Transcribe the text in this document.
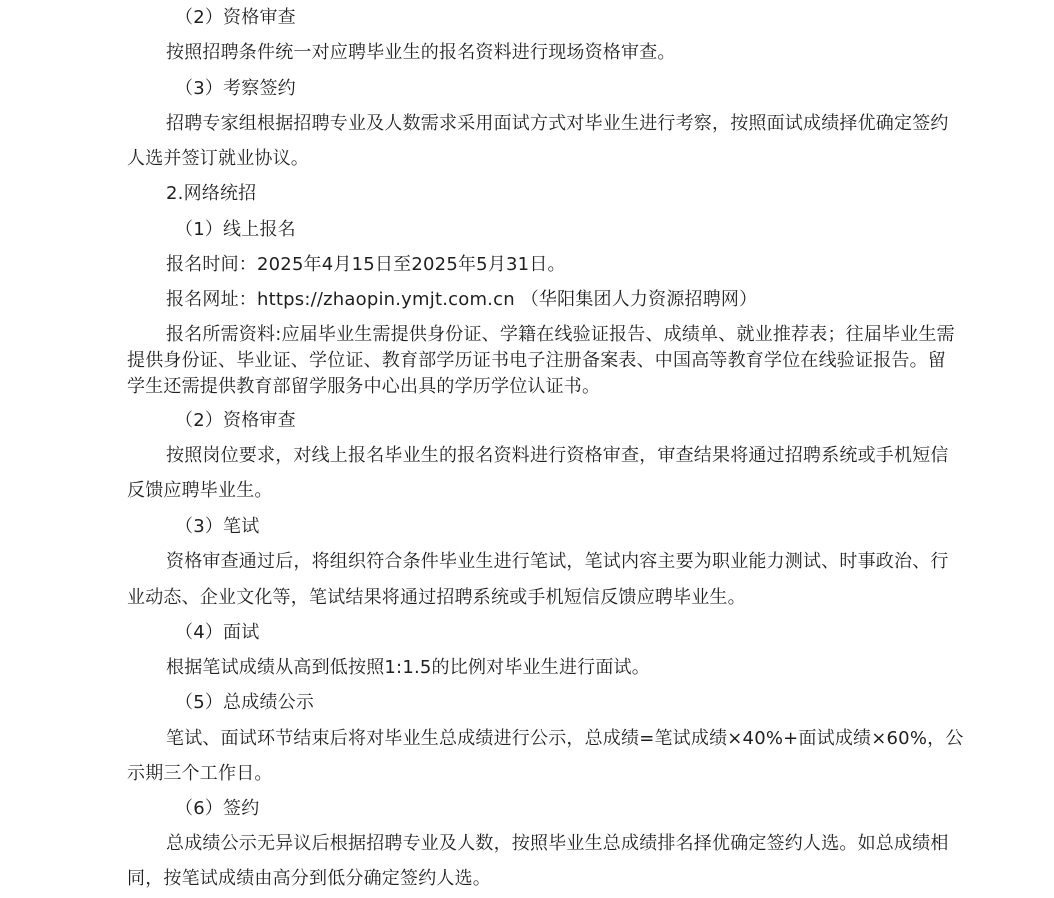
（2）资格审查
按照招聘条件统一对应聘毕业生的报名资料进行现场资格审查。
（3）考察签约
招聘专家组根据招聘专业及人数需求采用面试方式对毕业生进行考察，按照面试成绩择优确定签约
人选并签订就业协议。
2.网络统招
（1）线上报名
报名时间：2025年4月15日至2025年5月31日。
报名网址：https://zhaopin.ymjt.com.cn （华阳集团人力资源招聘网）
报名所需资料:应届毕业生需提供身份证、学籍在线验证报告、成绩单、就业推荐表；往届毕业生需
提供身份证、毕业证、学位证、教育部学历证书电子注册备案表、中国高等教育学位在线验证报告。留
学生还需提供教育部留学服务中心出具的学历学位认证书。
（2）资格审查
按照岗位要求，对线上报名毕业生的报名资料进行资格审查，审查结果将通过招聘系统或手机短信
反馈应聘毕业生。
（3）笔试
资格审查通过后，将组织符合条件毕业生进行笔试，笔试内容主要为职业能力测试、时事政治、行
业动态、企业文化等，笔试结果将通过招聘系统或手机短信反馈应聘毕业生。
（4）面试
根据笔试成绩从高到低按照1:1.5的比例对毕业生进行面试。
（5）总成绩公示
笔试、面试环节结束后将对毕业生总成绩进行公示，总成绩=笔试成绩×40%+面试成绩×60%，公
示期三个工作日。
（6）签约
总成绩公示无异议后根据招聘专业及人数，按照毕业生总成绩排名择优确定签约人选。如总成绩相
同，按笔试成绩由高分到低分确定签约人选。
